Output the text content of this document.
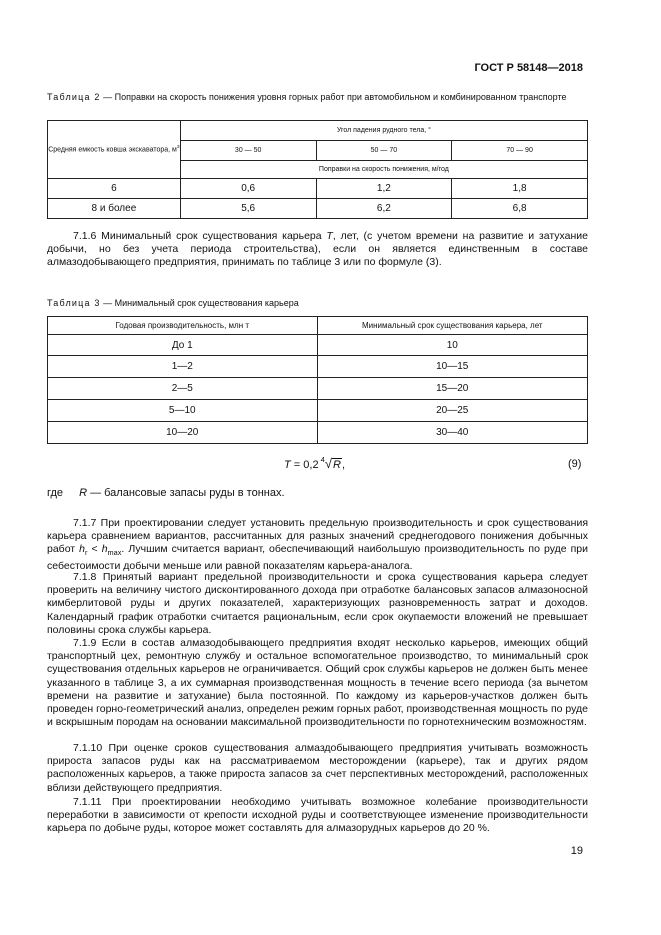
ГОСТ Р 58148—2018
Таблица 2 — Поправки на скорость понижения уровня горных работ при автомобильном и комбинированном транспорте
Средняя емкость ковша экскаватора, $м^3$	Угол падения рудного тела, °		
	30 — 50	50 — 70	70 — 90
	Поправки на скорость понижения, м/год		
6	0,6	1,2	1,8
8 и более	5,6	6,2	6,8
7.1.6 Минимальный срок существования карьера T, лет, (с учетом времени на развитие и затухание добычи, но без учета периода строительства), если он является единственным в составе алмазодобывающего предприятия, принимать по таблице 3 или по формуле (3).
Таблица 3 — Минимальный срок существования карьера
Годовая производительность, млн т	Минимальный срок существования карьера, лет
До 1	10
1—2	10—15
2—5	15—20
5—10	20—25
10—20	30—40
T = 0,2 $^4$√R,	(9)
где R — балансовые запасы руды в тоннах.
7.1.7 При проектировании следует установить предельную производительность и срок существования карьера сравнением вариантов, рассчитанных для разных значений среднегодового понижения добычных работ $h_r < h_{max}$. Лучшим считается вариант, обеспечивающий наибольшую производительность по руде при себестоимости добычи меньше или равной показателям карьера-аналога.
7.1.8 Принятый вариант предельной производительности и срока существования карьера следует проверить на величину чистого дисконтированного дохода при отработке балансовых запасов алмазоносной кимберлитовой руды и других показателей, характеризующих разновременность затрат и доходов. Календарный график отработки считается рациональным, если срок окупаемости вложений не превышает половины срока службы карьера.
7.1.9 Если в состав алмазодобывающего предприятия входят несколько карьеров, имеющих общий транспортный цех, ремонтную службу и остальное вспомогательное производство, то минимальный срок существования отдельных карьеров не ограничивается. Общий срок службы карьеров не должен быть менее указанного в таблице 3, а их суммарная производственная мощность в течение всего периода (за вычетом времени на развитие и затухание) была постоянной. По каждому из карьеров-участков должен быть проведен горно-геометрический анализ, определен режим горных работ, производственная мощность по руде и вскрышным породам на основании максимальной производительности по горнотехническим возможностям.
7.1.10 При оценке сроков существования алмаздобывающего предприятия учитывать возможность прироста запасов руды как на рассматриваемом месторождении (карьере), так и других рядом расположенных карьеров, а также прироста запасов за счет перспективных месторождений, расположенных вблизи действующего предприятия.
7.1.11 При проектировании необходимо учитывать возможное колебание производительности переработки в зависимости от крепости исходной руды и соответствующее изменение производительности карьера по добыче руды, которое может составлять для алмазорудных карьеров до 20 %.
19
